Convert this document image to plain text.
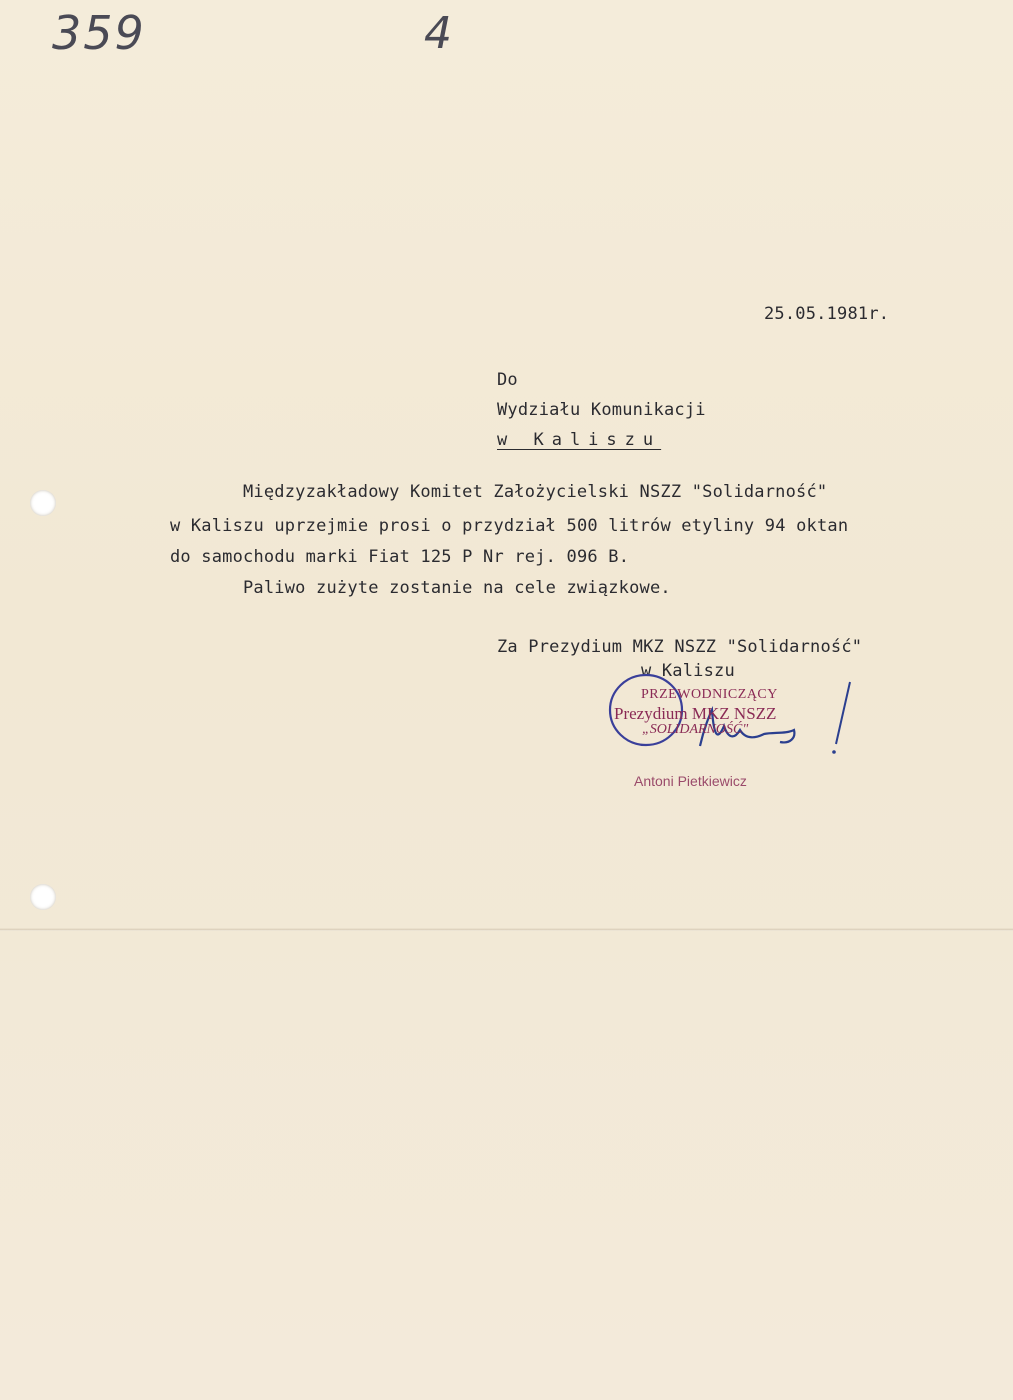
359	4
25.05.1981r.
Do
Wydziału Komunikacji
w Kaliszu
Międzyzakładowy Komitet Założycielski NSZZ "Solidarność"
w Kaliszu uprzejmie prosi o przydział 500 litrów etyliny 94 oktan
do samochodu marki Fiat 125 P Nr rej. 096 B.
Paliwo zużyte zostanie na cele związkowe.
Za Prezydium MKZ NSZZ "Solidarność"
w Kaliszu
PRZEWODNICZĄCY
Prezydium MKZ NSZZ
„SOLIDARNOŚĆ"
Antoni Pietkiewicz
